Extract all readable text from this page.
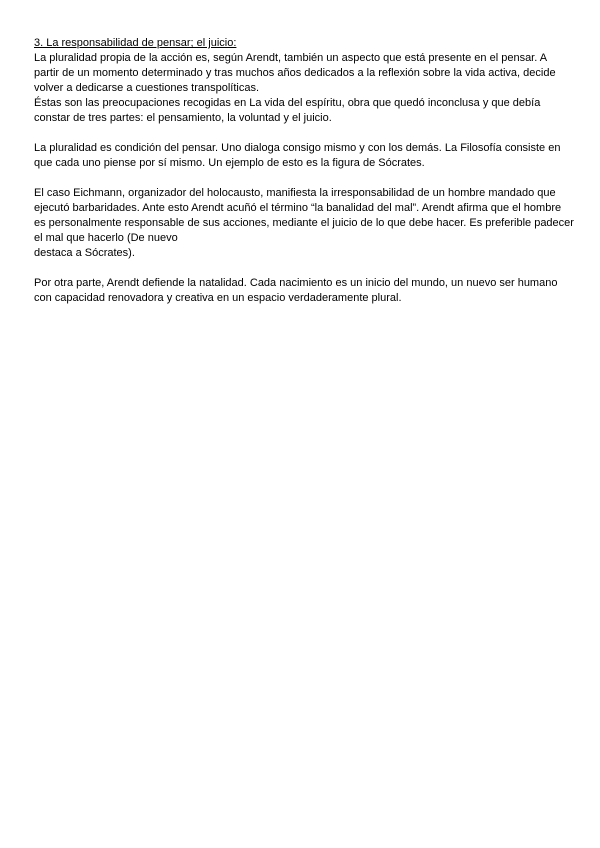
3. La responsabilidad de pensar; el juicio:

La pluralidad propia de la acción es, según Arendt, también un aspecto que está presente en el pensar. A partir de un momento determinado y tras muchos años dedicados a la reflexión sobre la vida activa, decide volver a dedicarse a cuestiones transpolíticas.

Éstas son las preocupaciones recogidas en La vida del espíritu, obra que quedó inconclusa y que debía constar de tres partes: el pensamiento, la voluntad y el juicio.

La pluralidad es condición del pensar. Uno dialoga consigo mismo y con los demás. La Filosofía consiste en que cada uno piense por sí mismo. Un ejemplo de esto es la figura de Sócrates.

El caso Eichmann, organizador del holocausto, manifiesta la irresponsabilidad de un hombre mandado que ejecutó barbaridades. Ante esto Arendt acuñó el término “la banalidad del mal”. Arendt afirma que el hombre es personalmente responsable de sus acciones, mediante el juicio de lo que debe hacer. Es preferible padecer el mal que hacerlo (De nuevo

destaca a Sócrates).

Por otra parte, Arendt defiende la natalidad. Cada nacimiento es un inicio del mundo, un nuevo ser humano con capacidad renovadora y creativa en un espacio verdaderamente plural.
